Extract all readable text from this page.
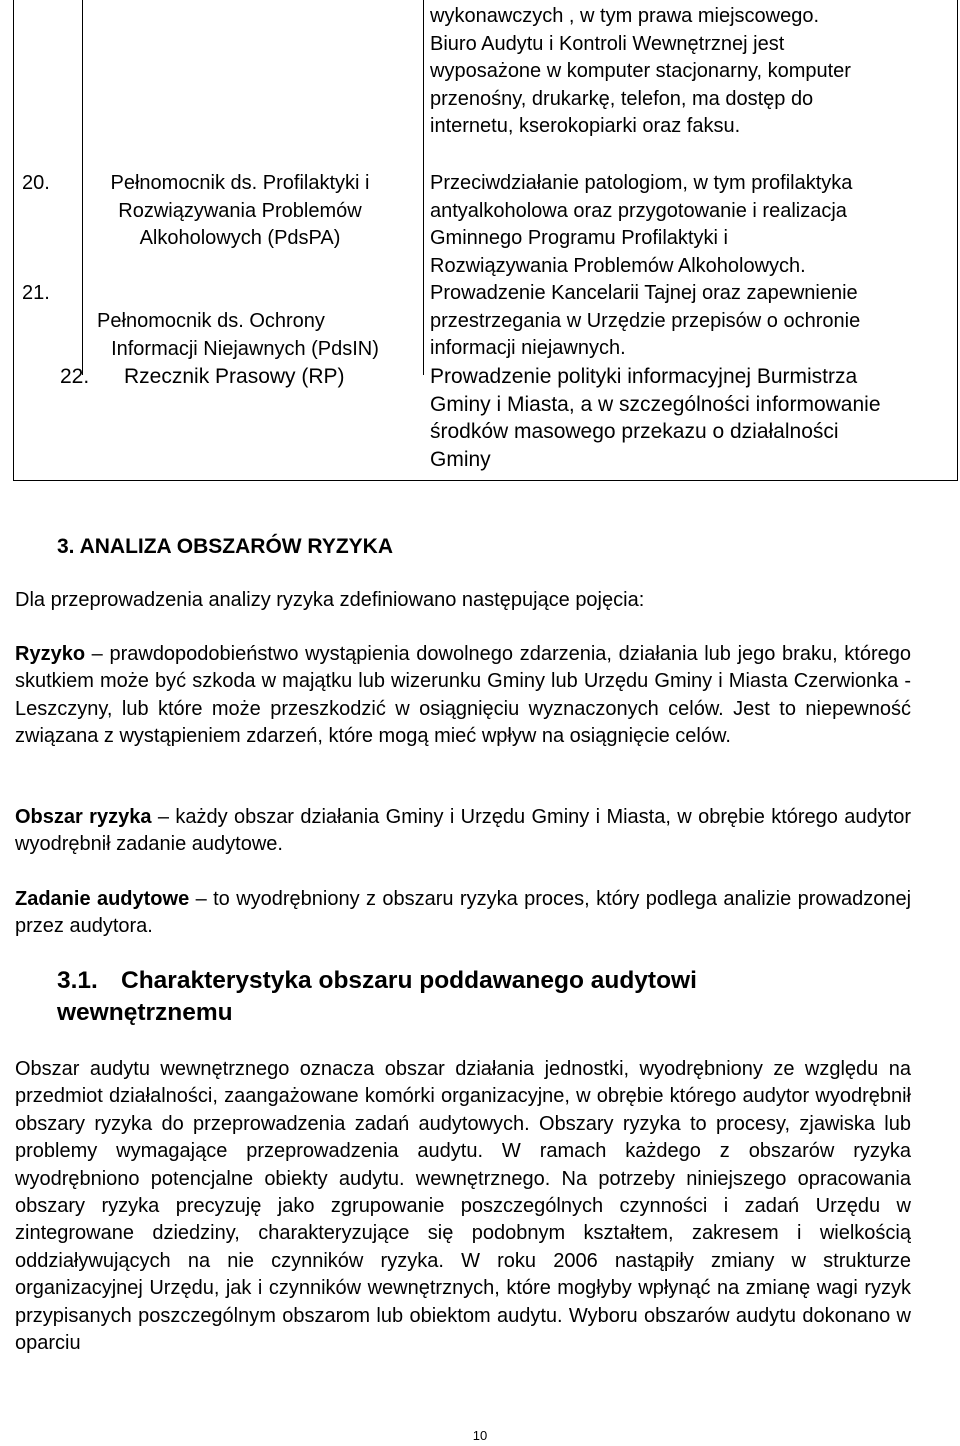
wykonawczych , w tym prawa miejscowego.
Biuro Audytu i Kontroli Wewnętrznej jest
wyposażone w komputer stacjonarny, komputer
przenośny, drukarkę, telefon, ma dostęp do
internetu, kserokopiarki oraz faksu.
20.	Pełnomocnik ds. Profilaktyki i
Rozwiązywania Problemów
Alkoholowych (PdsPA)
Przeciwdziałanie patologiom, w tym profilaktyka
antyalkoholowa oraz przygotowanie i realizacja
Gminnego Programu Profilaktyki i
Rozwiązywania Problemów Alkoholowych.
21.
Pełnomocnik ds. Ochrony
Informacji Niejawnych (PdsIN)
Prowadzenie Kancelarii Tajnej oraz zapewnienie
przestrzegania w Urzędzie przepisów o ochronie
informacji niejawnych.
22. Rzecznik Prasowy (RP)	Prowadzenie polityki informacyjnej Burmistrza
Gminy i Miasta, a w szczególności informowanie
środków masowego przekazu o działalności
Gminy
3. ANALIZA OBSZARÓW RYZYKA
Dla przeprowadzenia analizy ryzyka zdefiniowano następujące pojęcia:
Ryzyko – prawdopodobieństwo wystąpienia dowolnego zdarzenia, działania lub jego braku, którego skutkiem może być szkoda w majątku lub wizerunku Gminy lub Urzędu Gminy i Miasta Czerwionka - Leszczyny, lub które może przeszkodzić w osiągnięciu wyznaczonych celów. Jest to niepewność związana z wystąpieniem zdarzeń, które mogą mieć wpływ na osiągnięcie celów.
Obszar ryzyka – każdy obszar działania Gminy i Urzędu Gminy i Miasta, w obrębie którego audytor wyodrębnił zadanie audytowe.
Zadanie audytowe – to wyodrębniony z obszaru ryzyka proces, który podlega analizie prowadzonej przez audytora.
3.1. Charakterystyka obszaru poddawanego audytowi wewnętrznemu
Obszar audytu wewnętrznego oznacza obszar działania jednostki, wyodrębniony ze względu na przedmiot działalności, zaangażowane komórki organizacyjne, w obrębie którego audytor wyodrębnił obszary ryzyka do przeprowadzenia zadań audytowych. Obszary ryzyka to procesy, zjawiska lub problemy wymagające przeprowadzenia audytu. W ramach każdego z obszarów ryzyka wyodrębniono potencjalne obiekty audytu. wewnętrznego. Na potrzeby niniejszego opracowania obszary ryzyka precyzuję jako zgrupowanie poszczególnych czynności i zadań Urzędu w zintegrowane dziedziny, charakteryzujące się podobnym kształtem, zakresem i wielkością oddziaływujących na nie czynników ryzyka. W roku 2006 nastąpiły zmiany w strukturze organizacyjnej Urzędu, jak i czynników wewnętrznych, które mogłyby wpłynąć na zmianę wagi ryzyk przypisanych poszczególnym obszarom lub obiektom audytu. Wyboru obszarów audytu dokonano w oparciu
10
